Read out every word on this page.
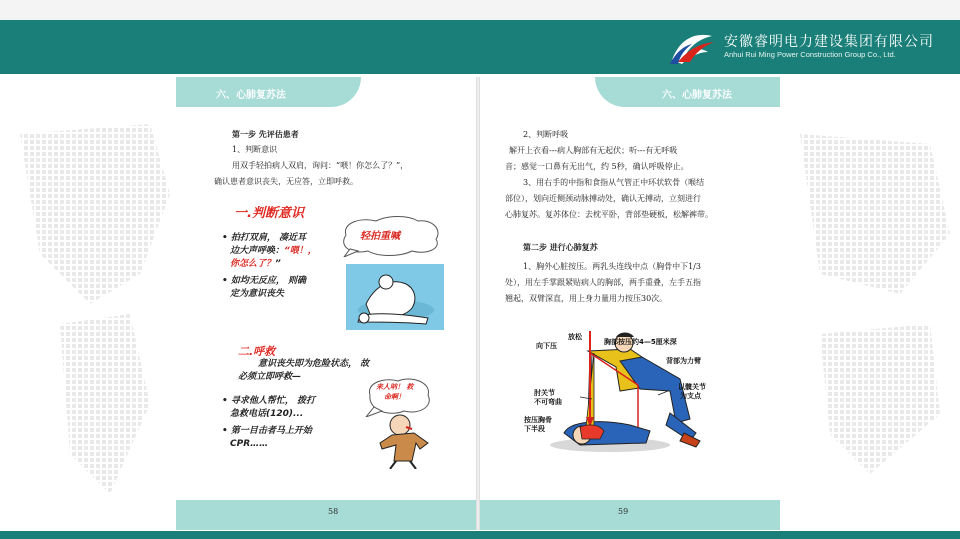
安徽睿明电力建设集团有限公司
Anhui Rui Ming Power Construction Group Co., Ltd.
六、心肺复苏法
第一步 先评估患者
1、判断意识
用双手轻拍病人双肩，询问：“喂！你怎么了？”，
确认患者意识丧失，无应答，立即呼救。
一.判断意识
• 拍打双肩， 凑近耳
边大声呼唤：“喂！，
你怎么了？”
• 如均无反应， 则确
定为意识丧失
轻拍重喊
二.呼救
意识丧失即为危险状态， 故
必须立即呼救—
来人呐！ 救
命啊！
• 寻求他人帮忙， 拨打
急救电话(120)...
• 第一目击者马上开始
CPR……
58
六、心肺复苏法
2、判断呼吸
解开上衣看---病人胸部有无起伏；听---有无呼吸
音；感觉一口鼻有无出气，约 5秒，确认呼吸停止。
3、用右手的中指和食指从气管正中环状软骨（喉结
部位），划向近侧颈动脉搏动处，确认无搏动，立刻进行
心肺复苏。复苏体位：去枕平卧，背部垫硬板，松解裤带。
第二步 进行心肺复苏
1、胸外心脏按压。两乳头连线中点（胸骨中下1/3
处），用左手掌跟紧贴病人的胸部，两手重叠，左手五指
翘起，双臂深直，用上身力量用力按压30次。
放松
向下压	胸部按压约4—5厘米深
背部为力臂
肘关节
不可弯曲
以髋关节
为支点
按压胸骨
下半段
59
